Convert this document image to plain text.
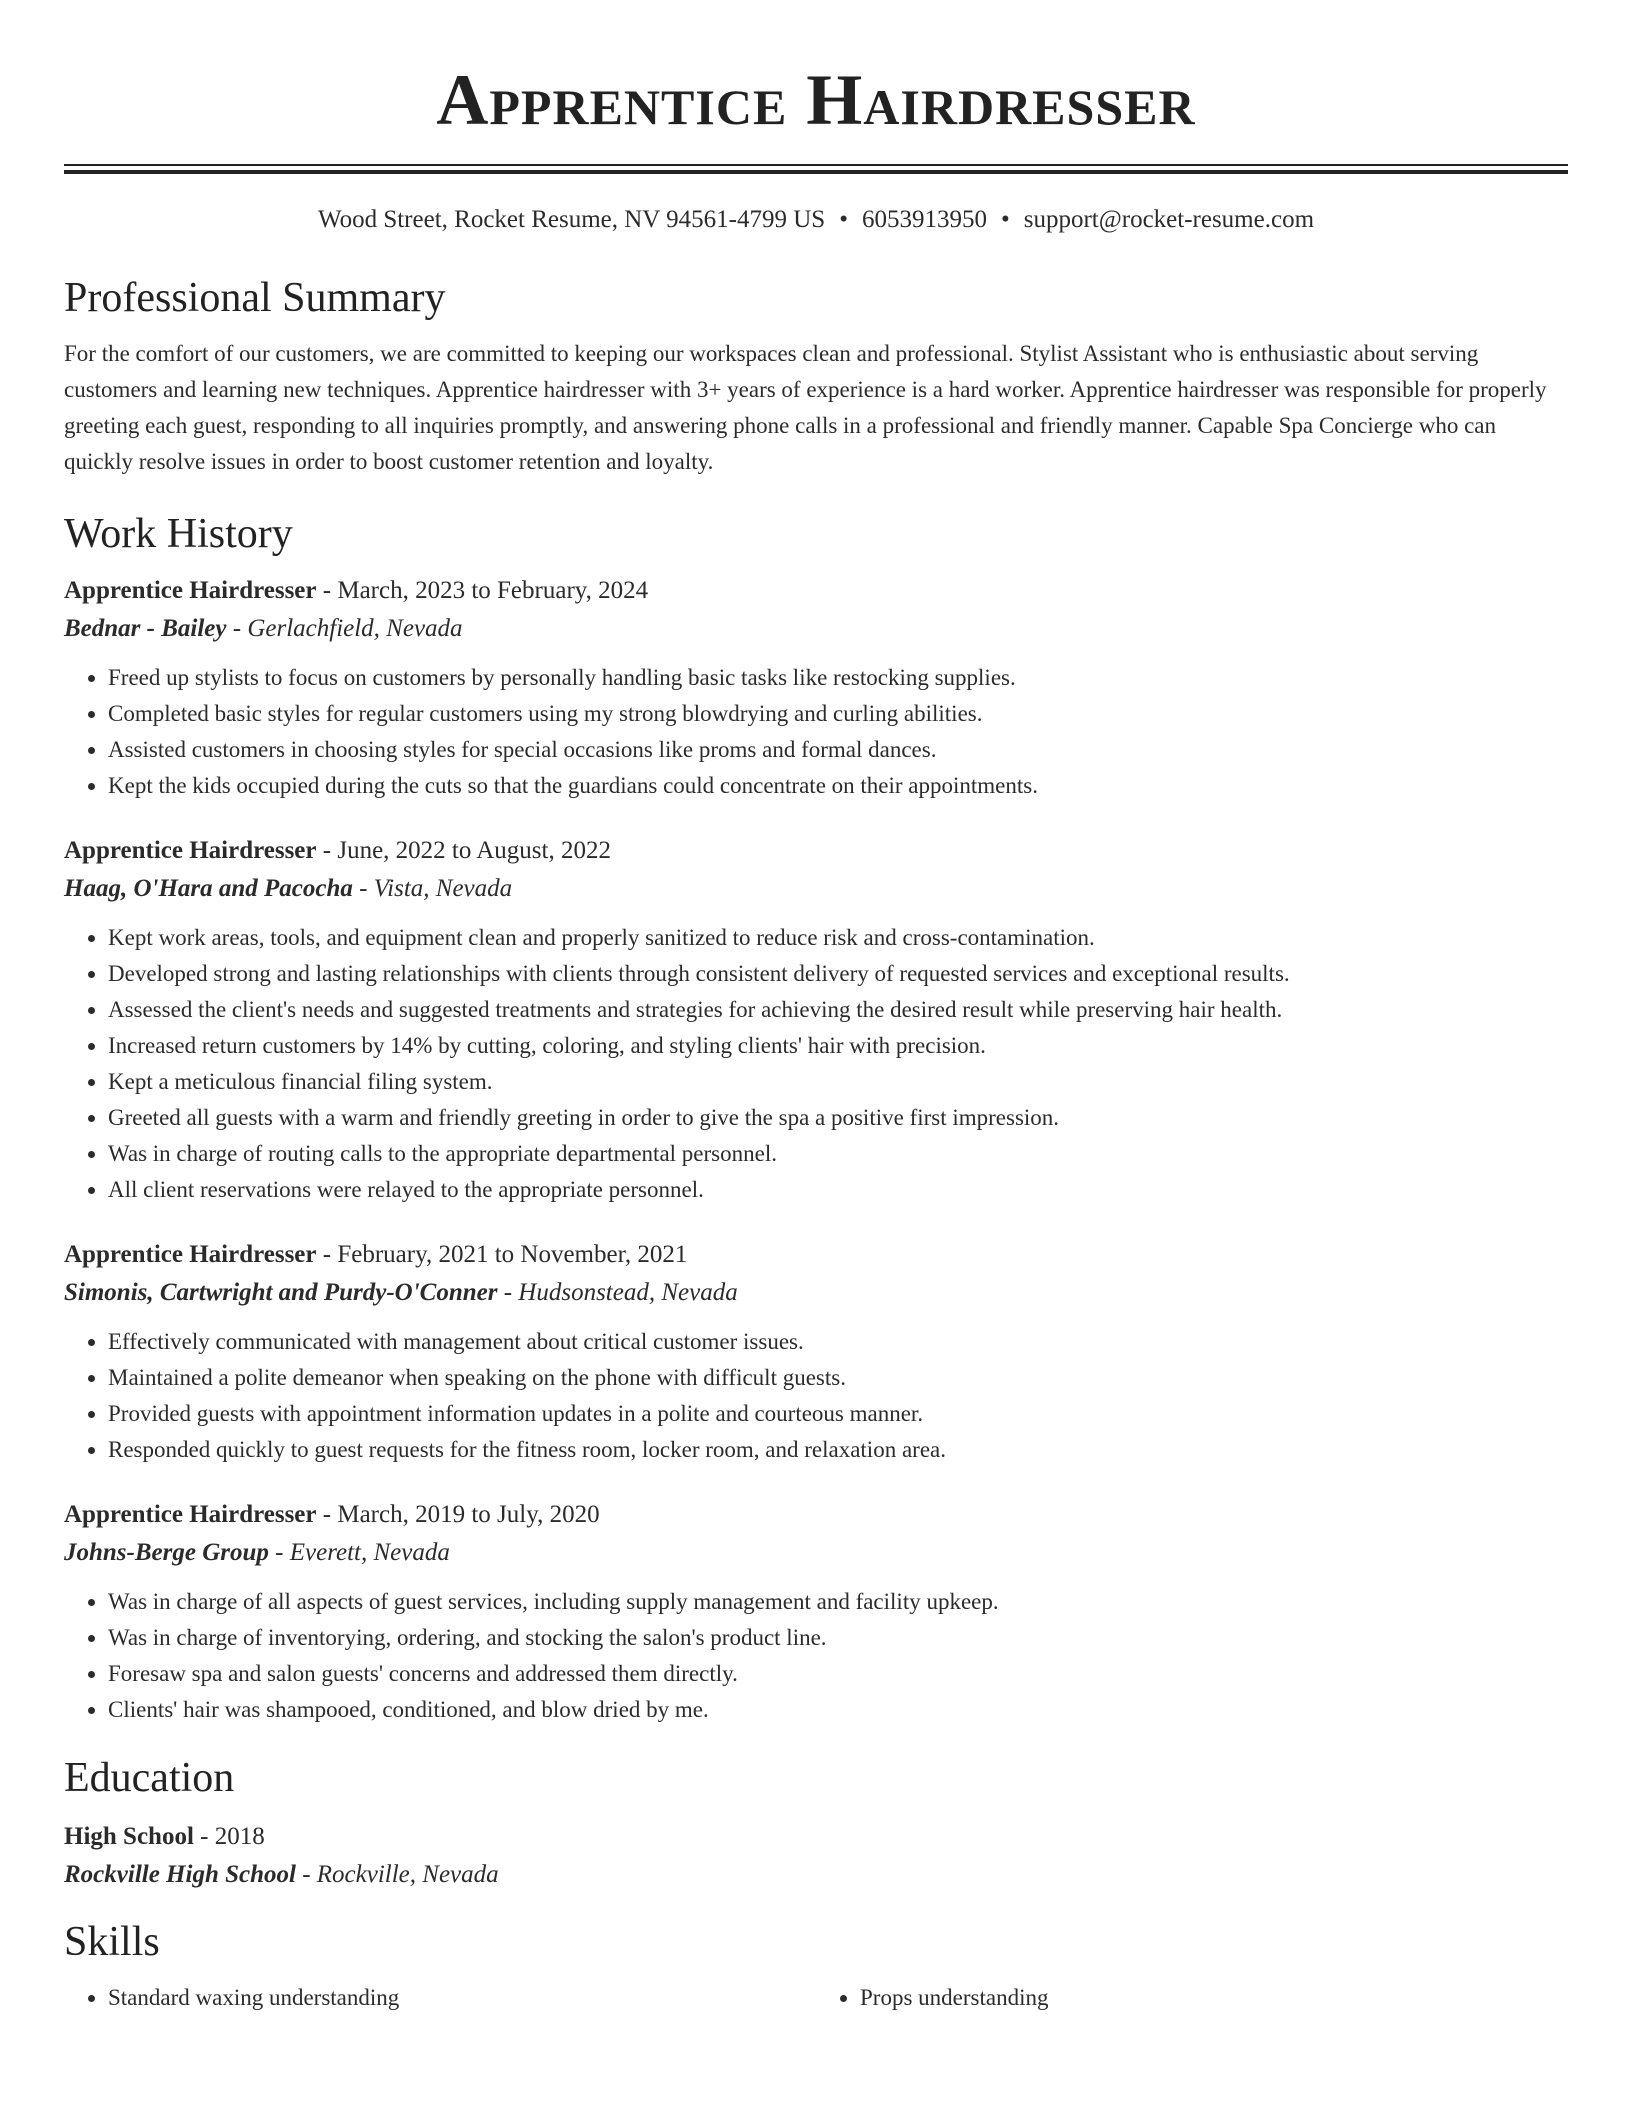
Apprentice Hairdresser
Wood Street, Rocket Resume, NV 94561-4799 US • 6053913950 • support@rocket-resume.com
Professional Summary
For the comfort of our customers, we are committed to keeping our workspaces clean and professional. Stylist Assistant who is enthusiastic about serving customers and learning new techniques. Apprentice hairdresser with 3+ years of experience is a hard worker. Apprentice hairdresser was responsible for properly greeting each guest, responding to all inquiries promptly, and answering phone calls in a professional and friendly manner. Capable Spa Concierge who can quickly resolve issues in order to boost customer retention and loyalty.
Work History
Apprentice Hairdresser - March, 2023 to February, 2024
Bednar - Bailey - Gerlachfield, Nevada
• Freed up stylists to focus on customers by personally handling basic tasks like restocking supplies.
• Completed basic styles for regular customers using my strong blowdrying and curling abilities.
• Assisted customers in choosing styles for special occasions like proms and formal dances.
• Kept the kids occupied during the cuts so that the guardians could concentrate on their appointments.
Apprentice Hairdresser - June, 2022 to August, 2022
Haag, O'Hara and Pacocha - Vista, Nevada
• Kept work areas, tools, and equipment clean and properly sanitized to reduce risk and cross-contamination.
• Developed strong and lasting relationships with clients through consistent delivery of requested services and exceptional results.
• Assessed the client's needs and suggested treatments and strategies for achieving the desired result while preserving hair health.
• Increased return customers by 14% by cutting, coloring, and styling clients' hair with precision.
• Kept a meticulous financial filing system.
• Greeted all guests with a warm and friendly greeting in order to give the spa a positive first impression.
• Was in charge of routing calls to the appropriate departmental personnel.
• All client reservations were relayed to the appropriate personnel.
Apprentice Hairdresser - February, 2021 to November, 2021
Simonis, Cartwright and Purdy-O'Conner - Hudsonstead, Nevada
• Effectively communicated with management about critical customer issues.
• Maintained a polite demeanor when speaking on the phone with difficult guests.
• Provided guests with appointment information updates in a polite and courteous manner.
• Responded quickly to guest requests for the fitness room, locker room, and relaxation area.
Apprentice Hairdresser - March, 2019 to July, 2020
Johns-Berge Group - Everett, Nevada
• Was in charge of all aspects of guest services, including supply management and facility upkeep.
• Was in charge of inventorying, ordering, and stocking the salon's product line.
• Foresaw spa and salon guests' concerns and addressed them directly.
• Clients' hair was shampooed, conditioned, and blow dried by me.
Education
High School - 2018
Rockville High School - Rockville, Nevada
Skills
• Standard waxing understanding
•	Props understanding
